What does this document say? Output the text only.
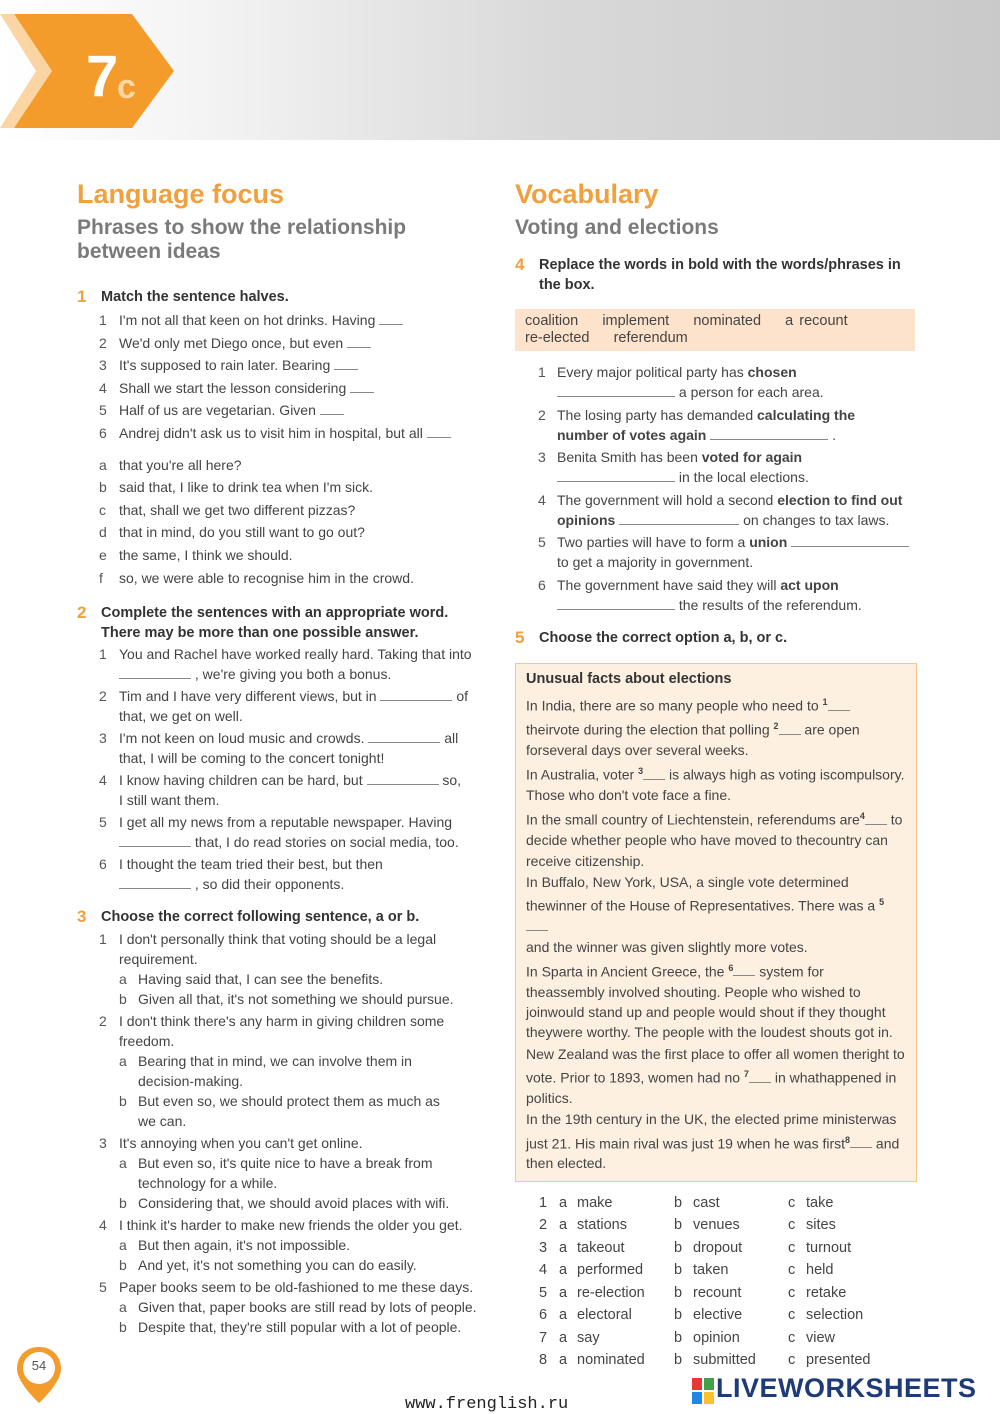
7
c
Language focus
Phrases to show the relationship
between ideas
1 Match the sentence halves.
1 I'm not all that keen on hot drinks. Having
2 We'd only met Diego once, but even
3 It's supposed to rain later. Bearing
4 Shall we start the lesson considering
5 Half of us are vegetarian. Given
6 Andrej didn't ask us to visit him in hospital, but all
a that you're all here?
b said that, I like to drink tea when I'm sick.
c that, shall we get two different pizzas?
d that in mind, do you still want to go out?
e the same, I think we should.
f so, we were able to recognise him in the crowd.
2 Complete the sentences with an appropriate word.
There may be more than one possible answer.
1 You and Rachel have worked really hard. Taking that into
, we're giving you both a bonus.
2 Tim and I have very different views, but in	of
that, we get on well.
3 I'm not keen on loud music and crowds.	all
that, I will be coming to the concert tonight!
4 I know having children can be hard, but	so,
I still want them.
5 I get all my news from a reputable newspaper. Having
that, I do read stories on social media, too.
6 I thought the team tried their best, but then
, so did their opponents.
3 Choose the correct following sentence, a or b.
1 I don't personally think that voting should be a legal
requirement.
a Having said that, I can see the benefits.
b Given all that, it's not something we should pursue.
2 I don't think there's any harm in giving children some
freedom.
a Bearing that in mind, we can involve them in
decision-making.
b But even so, we should protect them as much as
we can.
3 It's annoying when you can't get online.
a But even so, it's quite nice to have a break from
technology for a while.
b Considering that, we should avoid places with wifi.
4 I think it's harder to make new friends the older you get.
a But then again, it's not impossible.
b And yet, it's not something you can do easily.
5 Paper books seem to be old-fashioned to me these days.
a Given that, paper books are still read by lots of people.
b Despite that, they're still popular with a lot of people.
Vocabulary
Voting and elections
4 Replace the words in bold with the words/phrases in
the box.
coalition    implement    nominated    a recount
re-elected    referendum
1 Every major political party has chosen
a person for each area.
2 The losing party has demanded calculating the
number of votes again	.
3 Benita Smith has been voted for again
in the local elections.
4 The government will hold a second election to find out
opinions	on changes to tax laws.
5 Two parties will have to form a union
to get a majority in government.
6 The government have said they will act upon
the results of the referendum.
5 Choose the correct option a, b, or c.
Unusual facts about elections

In India, there are so many people who need to $^1$ theirvote during the election that polling $^2$ are open forseveral days over several weeks.

In Australia, voter $^3$ is always high as voting iscompulsory. Those who don't vote face a fine.

In the small country of Liechtenstein, referendums are$^4$ to decide whether people who have moved to thecountry can receive citizenship.

In Buffalo, New York, USA, a single vote determined thewinner of the House of Representatives. There was a $^5$
and the winner was given slightly more votes.

In Sparta in Ancient Greece, the $^6$ system for theassembly involved shouting. People who wished to joinwould stand up and people would shout if they thought theywere worthy. The people with the loudest shouts got in.

New Zealand was the first place to offer all women theright to vote. Prior to 1893, women had no $^7$ in whathappened in politics.

In the 19th century in the UK, the elected prime ministerwas just 21. His main rival was just 19 when he was first$^8$ and then elected.

1 a make	b cast	c take
2 a stations	b venues	c sites
3 a takeout	b dropout	c turnout
4 a performed b taken	c held
5 a re-election b recount	c retake
6 a electoral	b elective	c selection
7 a say	b opinion	c view
8 a nominated b submitted c presented
54
www.frenglish.ru
LIVEWORKSHEETS
